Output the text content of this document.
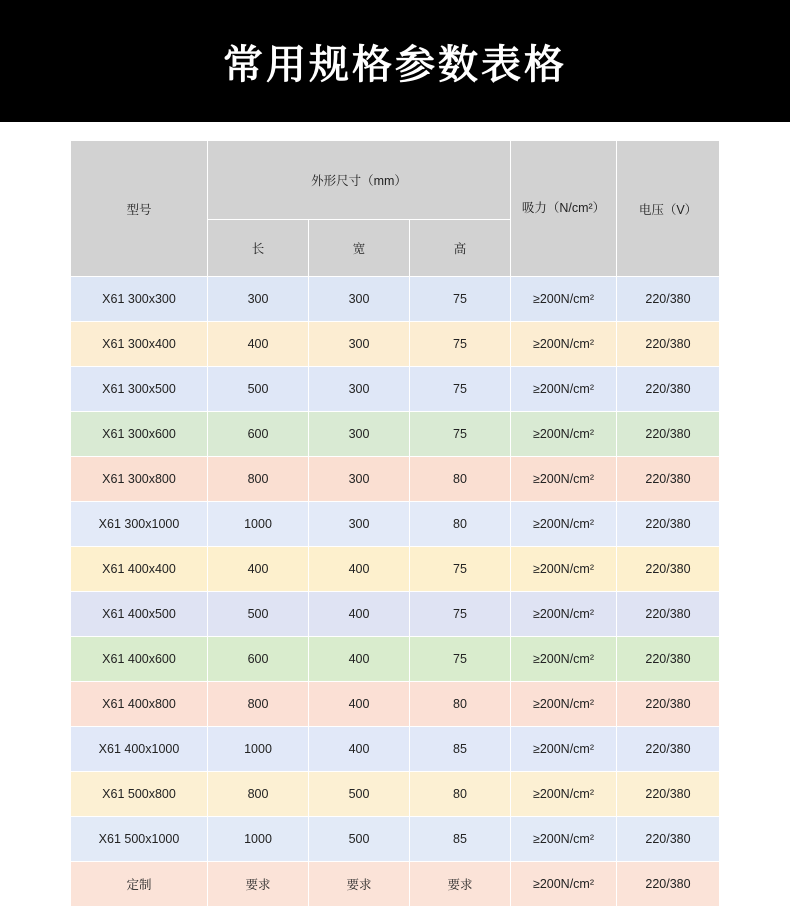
常用规格参数表格
型号	外形尺寸（mm）			吸力（N/cm²）	电压（V）
	长	宽	高		
X61 300x300	300	300	75	≥200N/cm²	220/380
X61 300x400	400	300	75	≥200N/cm²	220/380
X61 300x500	500	300	75	≥200N/cm²	220/380
X61 300x600	600	300	75	≥200N/cm²	220/380
X61 300x800	800	300	80	≥200N/cm²	220/380
X61 300x1000	1000	300	80	≥200N/cm²	220/380
X61 400x400	400	400	75	≥200N/cm²	220/380
X61 400x500	500	400	75	≥200N/cm²	220/380
X61 400x600	600	400	75	≥200N/cm²	220/380
X61 400x800	800	400	80	≥200N/cm²	220/380
X61 400x1000	1000	400	85	≥200N/cm²	220/380
X61 500x800	800	500	80	≥200N/cm²	220/380
X61 500x1000	1000	500	85	≥200N/cm²	220/380
定制	要求	要求	要求	≥200N/cm²	220/380
